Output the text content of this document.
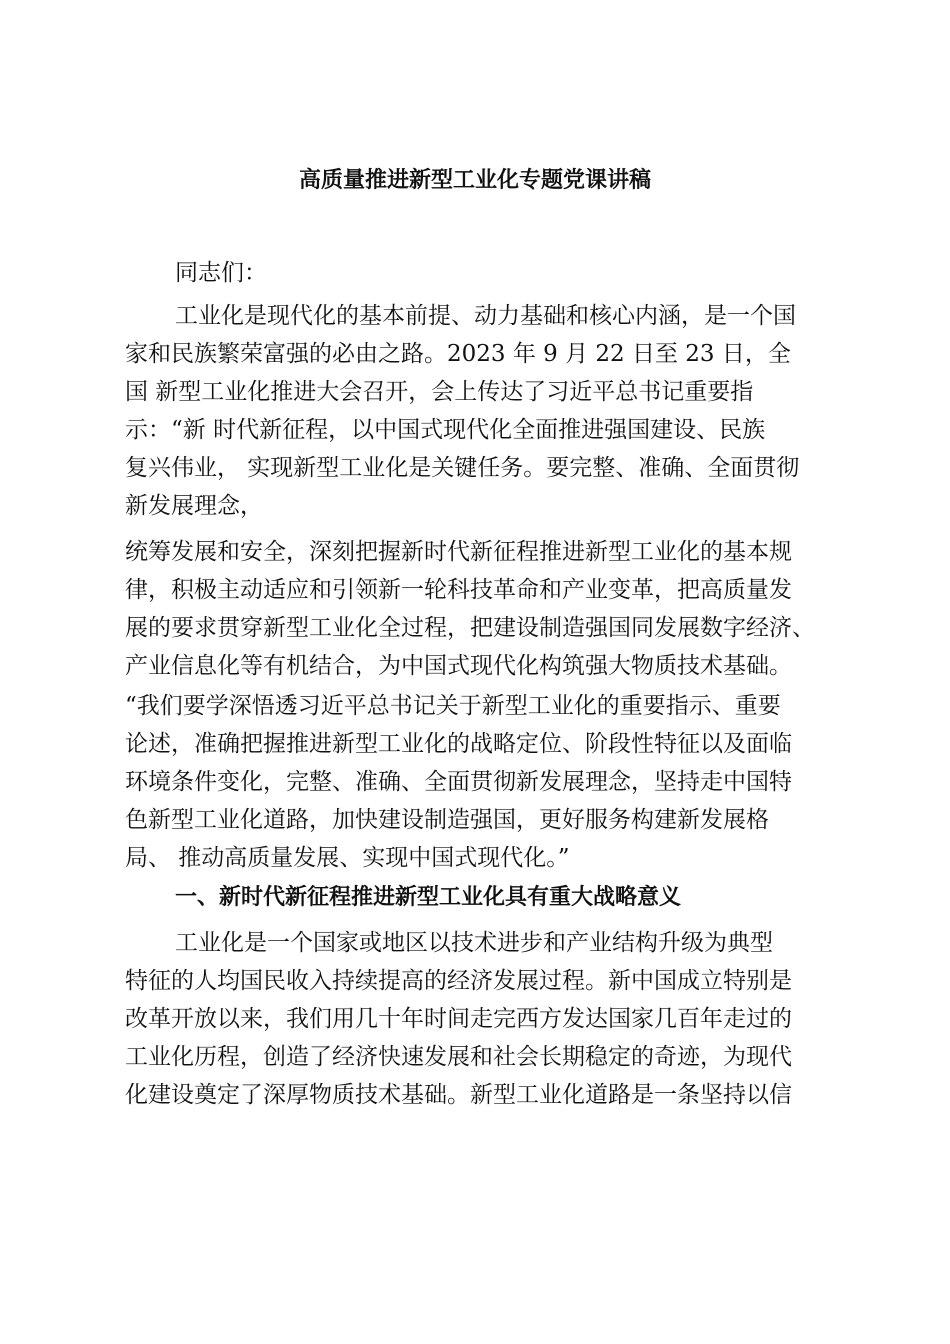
高质量推进新型工业化专题党课讲稿
同志们：
工业化是现代化的基本前提、动力基础和核心内涵，是一个国
家和民族繁荣富强的必由之路。2023 年 9 月 22 日至 23 日，全
国 新型工业化推进大会召开，会上传达了习近平总书记重要指
示：“新 时代新征程，以中国式现代化全面推进强国建设、民族
复兴伟业， 实现新型工业化是关键任务。要完整、准确、全面贯彻
新发展理念，
统筹发展和安全，深刻把握新时代新征程推进新型工业化的基本规
律，积极主动适应和引领新一轮科技革命和产业变革，把高质量发
展的要求贯穿新型工业化全过程，把建设制造强国同发展数字经济、
产业信息化等有机结合，为中国式现代化构筑强大物质技术基础。
“我们要学深悟透习近平总书记关于新型工业化的重要指示、重要
论述，准确把握推进新型工业化的战略定位、阶段性特征以及面临
环境条件变化，完整、准确、全面贯彻新发展理念，坚持走中国特
色新型工业化道路，加快建设制造强国，更好服务构建新发展格
局、 推动高质量发展、实现中国式现代化。”
一、新时代新征程推进新型工业化具有重大战略意义
工业化是一个国家或地区以技术进步和产业结构升级为典型
特征的人均国民收入持续提高的经济发展过程。新中国成立特别是
改革开放以来，我们用几十年时间走完西方发达国家几百年走过的
工业化历程，创造了经济快速发展和社会长期稳定的奇迹，为现代
化建设奠定了深厚物质技术基础。新型工业化道路是一条坚持以信
